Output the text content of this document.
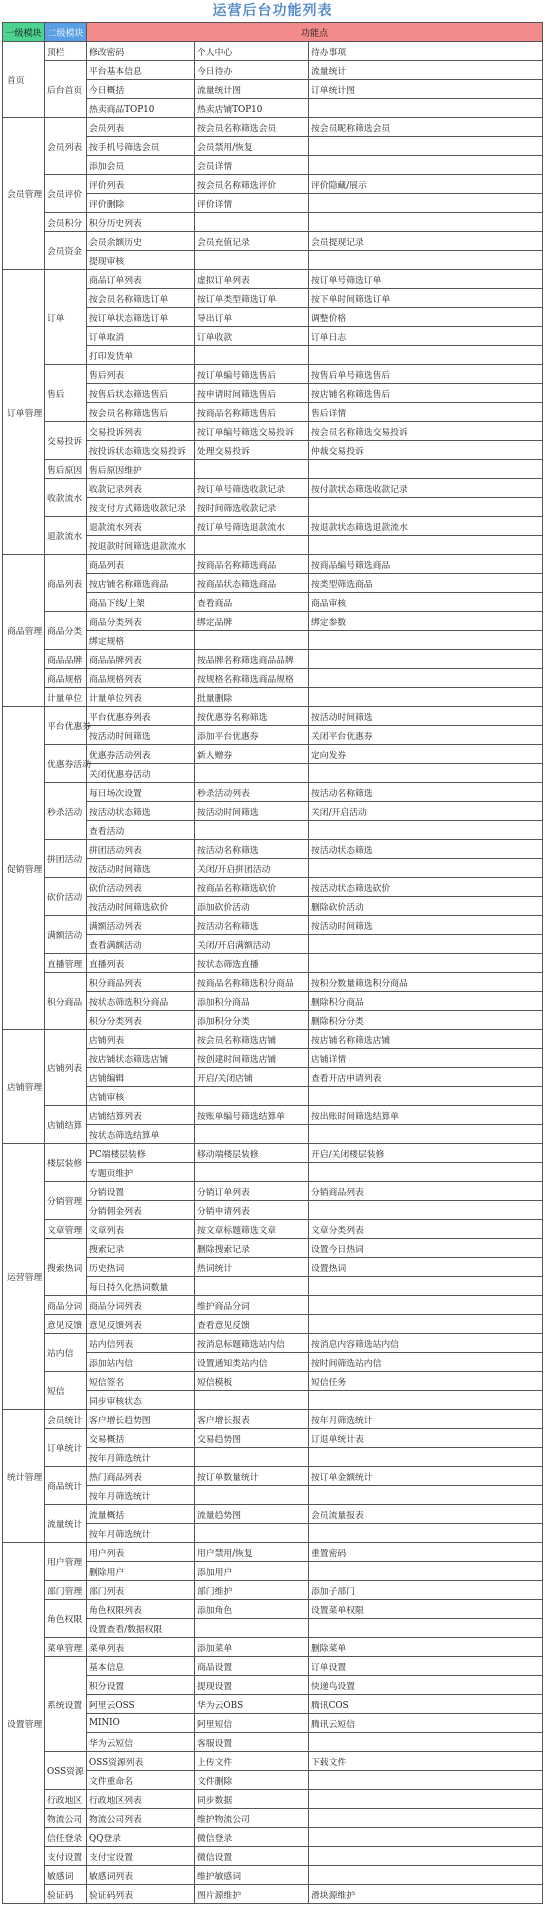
运营后台功能列表
一级模块	二级模块	功能点		
首页	顶栏	修改密码	个人中心	待办事项
	后台首页	平台基本信息	今日待办	流量统计
		今日概括	流量统计图	订单统计图
		热卖商品TOP10	热卖店铺TOP10	
会员管理	会员列表	会员列表	按会员名称筛选会员	按会员昵称筛选会员
		按手机号筛选会员	会员禁用/恢复	
		添加会员	会员详情	
	会员评价	评价列表	按会员名称筛选评价	评价隐藏/展示
		评价删除	评价详情	
	会员积分	积分历史列表		
	会员资金	会员余额历史	会员充值记录	会员提现记录
		提现审核		
订单管理	订单	商品订单列表	虚拟订单列表	按订单号筛选订单
		按会员名称筛选订单	按订单类型筛选订单	按下单时间筛选订单
		按订单状态筛选订单	导出订单	调整价格
		订单取消	订单收款	订单日志
		打印发货单		
	售后	售后列表	按订单编号筛选售后	按售后单号筛选售后
		按售后状态筛选售后	按申请时间筛选售后	按店铺名称筛选售后
		按会员名称筛选售后	按商品名称筛选售后	售后详情
	交易投诉	交易投诉列表	按订单编号筛选交易投诉	按会员名称筛选交易投诉
		按投诉状态筛选交易投诉	处理交易投诉	仲裁交易投诉
	售后原因	售后原因维护		
	收款流水	收款记录列表	按订单号筛选收款记录	按付款状态筛选收款记录
		按支付方式筛选收款记录	按时间筛选收款记录	
	退款流水	退款流水列表	按订单号筛选退款流水	按退款状态筛选退款流水
		按退款时间筛选退款流水		
商品管理	商品列表	商品列表	按商品名称筛选商品	按商品编号筛选商品
		按店铺名称筛选商品	按商品状态筛选商品	按类型筛选商品
		商品下线/上架	查看商品	商品审核
	商品分类	商品分类列表	绑定品牌	绑定参数
		绑定规格		
	商品品牌	商品品牌列表	按品牌名称筛选商品品牌	
	商品规格	商品规格列表	按规格名称筛选商品规格	
	计量单位	计量单位列表	批量删除	
促销管理	平台优惠券	平台优惠券列表	按优惠券名称筛选	按活动时间筛选
		按活动时间筛选	添加平台优惠券	关闭平台优惠券
	优惠券活动	优惠券活动列表	新人赠券	定向发券
		关闭优惠券活动		
	秒杀活动	每日场次设置	秒杀活动列表	按活动名称筛选
		按活动状态筛选	按活动时间筛选	关闭/开启活动
		查看活动		
	拼团活动	拼团活动列表	按活动名称筛选	按活动状态筛选
		按活动时间筛选	关闭/开启拼团活动	
	砍价活动	砍价活动列表	按商品名称筛选砍价	按活动状态筛选砍价
		按活动时间筛选砍价	添加砍价活动	删除砍价活动
	满额活动	满额活动列表	按活动名称筛选	按活动时间筛选
		查看满额活动	关闭/开启满额活动	
	直播管理	直播列表	按状态筛选直播	
	积分商品	积分商品列表	按商品名称筛选积分商品	按积分数量筛选积分商品
		按状态筛选积分商品	添加积分商品	删除积分商品
		积分分类列表	添加积分分类	删除积分分类
店铺管理	店铺列表	店铺列表	按会员名称筛选店铺	按店铺名称筛选店铺
		按店铺状态筛选店铺	按创建时间筛选店铺	店铺详情
		店铺编辑	开启/关闭店铺	查看开店申请列表
		店铺审核		
	店铺结算	店铺结算列表	按账单编号筛选结算单	按出账时间筛选结算单
		按状态筛选结算单		
运营管理	楼层装修	PC端楼层装修	移动端楼层装修	开启/关闭楼层装修
		专题页维护		
	分销管理	分销设置	分销订单列表	分销商品列表
		分销佣金列表	分销申请列表	
	文章管理	文章列表	按文章标题筛选文章	文章分类列表
	搜索热词	搜索记录	删除搜索记录	设置今日热词
		历史热词	热词统计	设置热词
		每日持久化热词数量		
	商品分词	商品分词列表	维护商品分词	
	意见反馈	意见反馈列表	查看意见反馈	
	站内信	站内信列表	按消息标题筛选站内信	按消息内容筛选站内信
		添加站内信	设置通知类站内信	按时间筛选站内信
	短信	短信签名	短信模板	短信任务
		同步审核状态		
统计管理	会员统计	客户增长趋势图	客户增长报表	按年月筛选统计
	订单统计	交易概括	交易趋势图	订退单统计表
		按年月筛选统计		
	商品统计	热门商品列表	按订单数量统计	按订单金额统计
		按年月筛选统计		
	流量统计	流量概括	流量趋势图	会员流量报表
		按年月筛选统计		
设置管理	用户管理	用户列表	用户禁用/恢复	重置密码
		删除用户	添加用户	
	部门管理	部门列表	部门维护	添加子部门
	角色权限	角色权限列表	添加角色	设置菜单权限
		设置查看/数据权限		
	菜单管理	菜单列表	添加菜单	删除菜单
	系统设置	基本信息	商品设置	订单设置
		积分设置	提现设置	快递鸟设置
		阿里云OSS	华为云OBS	腾讯COS
		MINIO	阿里短信	腾讯云短信
		华为云短信	客服设置	
	OSS资源	OSS资源列表	上传文件	下载文件
		文件重命名	文件删除	
	行政地区	行政地区列表	同步数据	
	物流公司	物流公司列表	维护物流公司	
	信任登录	QQ登录	微信登录	
	支付设置	支付宝设置	微信设置	
	敏感词	敏感词列表	维护敏感词	
	验证码	验证码列表	图片源维护	滑块源维护
